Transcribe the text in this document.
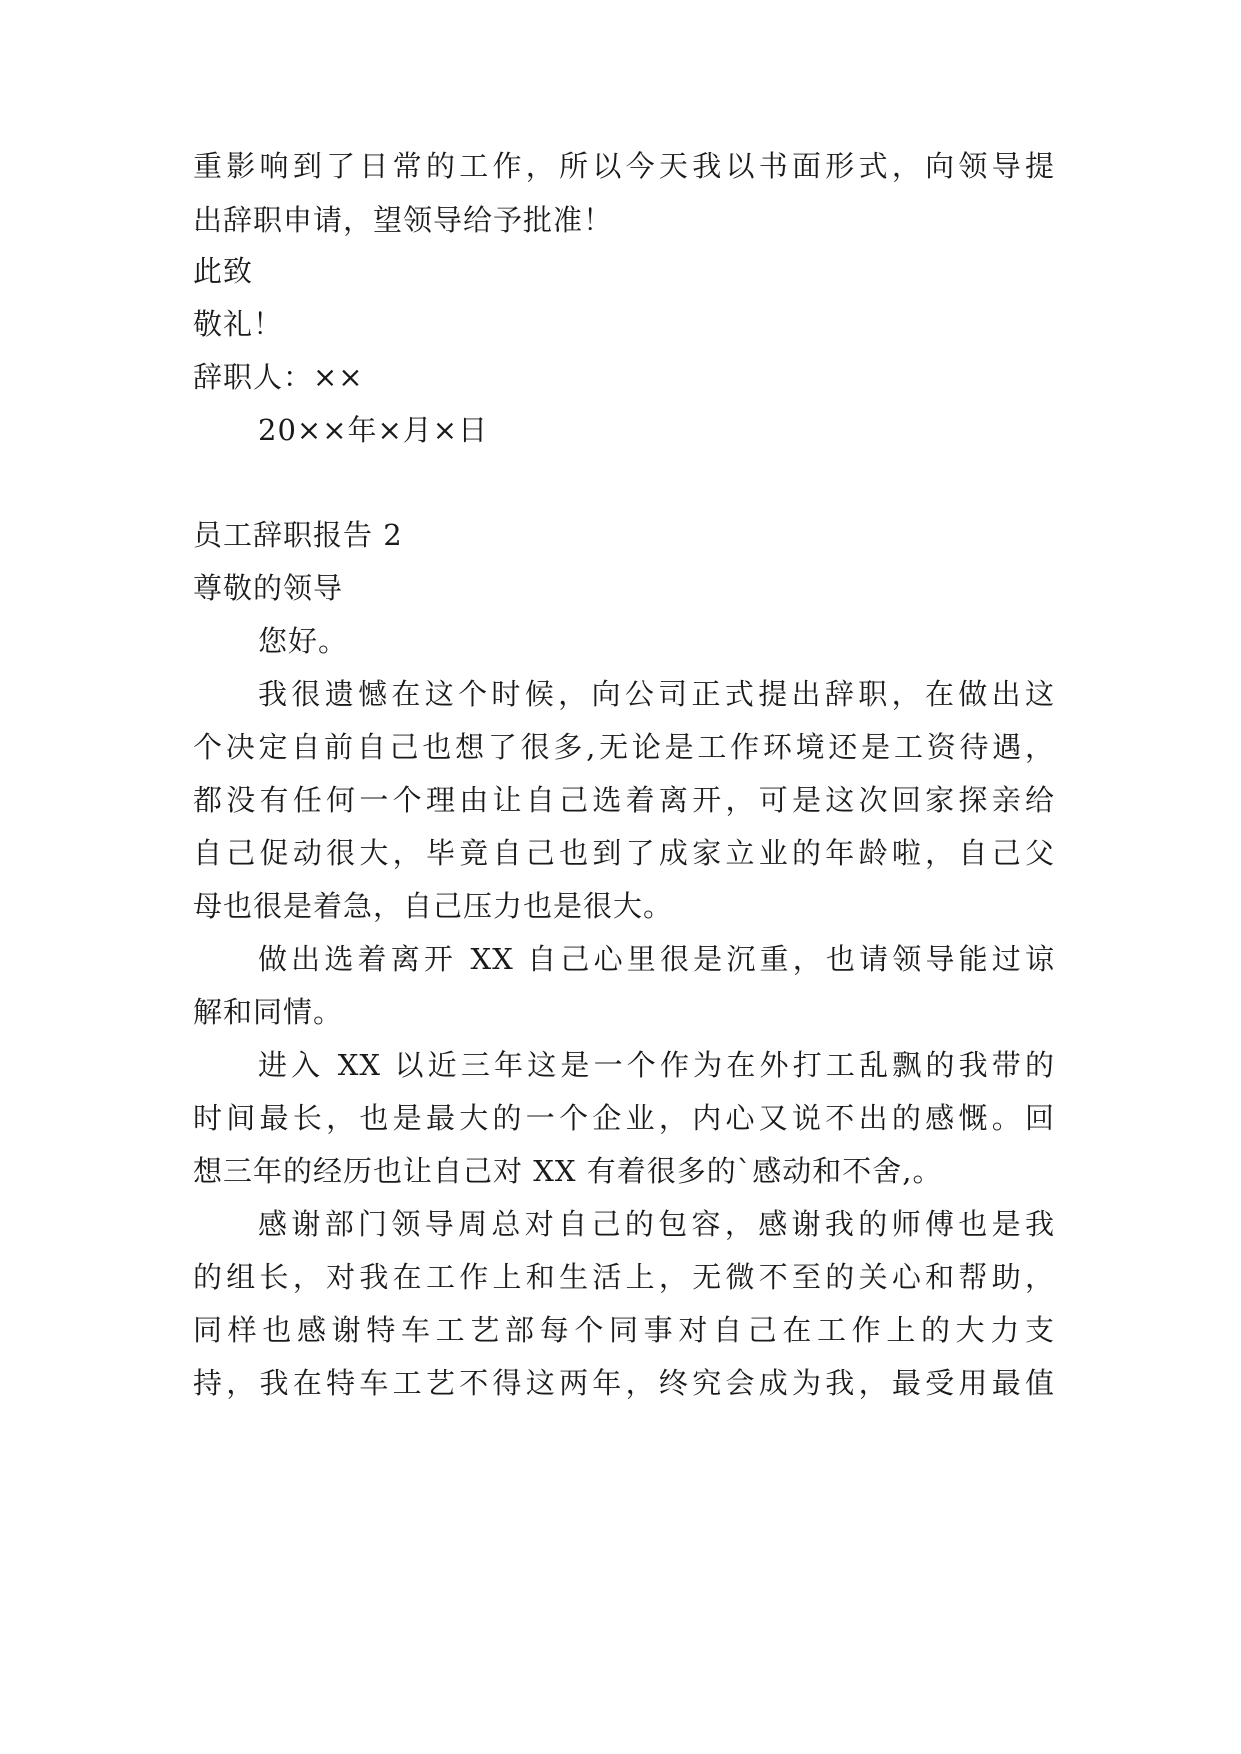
重影响到了日常的工作，所以今天我以书面形式，向领导提
出辞职申请，望领导给予批准！
此致
敬礼！
辞职人：××
20××年×月×日
员工辞职报告 2
尊敬的领导
您好。
我很遗憾在这个时候，向公司正式提出辞职，在做出这
个决定自前自己也想了很多,无论是工作环境还是工资待遇，
都没有任何一个理由让自己选着离开，可是这次回家探亲给
自己促动很大，毕竟自己也到了成家立业的年龄啦，自己父
母也很是着急，自己压力也是很大。
做出选着离开 XX 自己心里很是沉重，也请领导能过谅
解和同情。
进入 XX 以近三年这是一个作为在外打工乱飘的我带的
时间最长，也是最大的一个企业，内心又说不出的感慨。回
想三年的经历也让自己对 XX 有着很多的`感动和不舍,。
感谢部门领导周总对自己的包容，感谢我的师傅也是我
的组长，对我在工作上和生活上，无微不至的关心和帮助，
同样也感谢特车工艺部每个同事对自己在工作上的大力支
持，我在特车工艺不得这两年，终究会成为我，最受用最值
